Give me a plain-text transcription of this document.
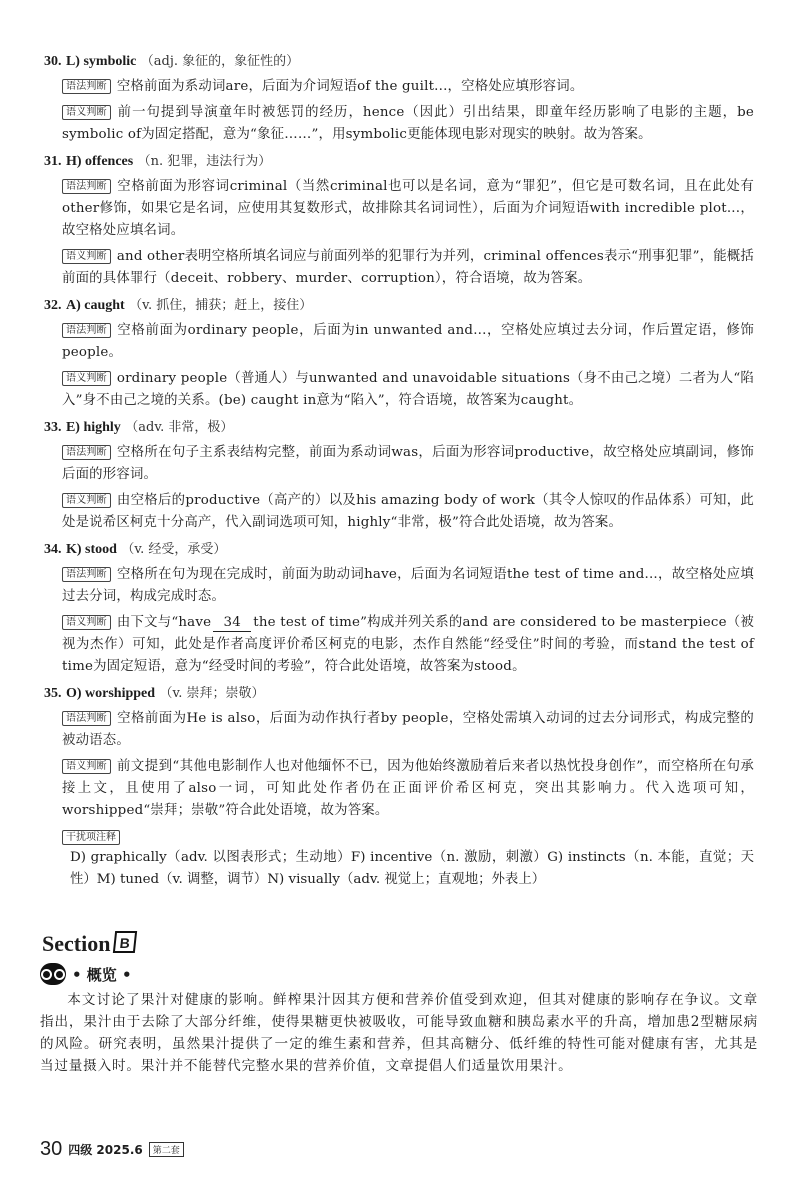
30. L) symbolic （adj. 象征的，象征性的）

语法判断 空格前面为系动词are，后面为介词短语of the guilt...，空格处应填形容词。

语义判断 前一句提到导演童年时被惩罚的经历，hence（因此）引出结果，即童年经历影响了电影的主题，be symbolic of为固定搭配，意为“象征……”，用symbolic更能体现电影对现实的映射。故为答案。

31. H) offences （n. 犯罪，违法行为）

语法判断 空格前面为形容词criminal（当然criminal也可以是名词，意为“罪犯”，但它是可数名词，且在此处有other修饰，如果它是名词，应使用其复数形式，故排除其名词词性），后面为介词短语with incredible plot...，故空格处应填名词。

语义判断 and other表明空格所填名词应与前面列举的犯罪行为并列，criminal offences表示“刑事犯罪”，能概括前面的具体罪行（deceit、robbery、murder、corruption），符合语境，故为答案。

32. A) caught （v. 抓住，捕获；赶上，接住）

语法判断 空格前面为ordinary people，后面为in unwanted and...，空格处应填过去分词，作后置定语，修饰people。

语义判断 ordinary people（普通人）与unwanted and unavoidable situations（身不由己之境）二者为人“陷入”身不由己之境的关系。(be) caught in意为“陷入”，符合语境，故答案为caught。

33. E) highly （adv. 非常，极）

语法判断 空格所在句子主系表结构完整，前面为系动词was，后面为形容词productive，故空格处应填副词，修饰后面的形容词。

语义判断 由空格后的productive（高产的）以及his amazing body of work（其令人惊叹的作品体系）可知，此处是说希区柯克十分高产，代入副词选项可知，highly“非常，极”符合此处语境，故为答案。

34. K) stood （v. 经受，承受）

语法判断 空格所在句为现在完成时，前面为助动词have，后面为名词短语the test of time and...，故空格处应填过去分词，构成完成时态。

语义判断 由下文与“have 34 the test of time”构成并列关系的and are considered to be masterpiece（被视为杰作）可知，此处是作者高度评价希区柯克的电影，杰作自然能“经受住”时间的考验，而stand the test of time为固定短语，意为“经受时间的考验”，符合此处语境，故答案为stood。

35. O) worshipped （v. 崇拜；崇敬）

语法判断 空格前面为He is also，后面为动作执行者by people，空格处需填入动词的过去分词形式，构成完整的被动语态。

语义判断 前文提到“其他电影制作人也对他缅怀不已，因为他始终激励着后来者以热忱投身创作”，而空格所在句承接上文，且使用了also一词，可知此处作者仍在正面评价希区柯克，突出其影响力。代入选项可知，worshipped“崇拜；崇敬”符合此处语境，故为答案。

干扰项注释

D) graphically（adv. 以图表形式；生动地）F) incentive（n. 激励，刺激）G) instincts（n. 本能，直觉；天性）M) tuned（v. 调整，调节）N) visually（adv. 视觉上；直观地；外表上）

Section B
• 概览 •

本文讨论了果汁对健康的影响。鲜榨果汁因其方便和营养价值受到欢迎，但其对健康的影响存在争议。文章指出，果汁由于去除了大部分纤维，使得果糖更快被吸收，可能导致血糖和胰岛素水平的升高，增加患2型糖尿病的风险。研究表明，虽然果汁提供了一定的维生素和营养，但其高糖分、低纤维的特性可能对健康有害，尤其是当过量摄入时。果汁并不能替代完整水果的营养价值，文章提倡人们适量饮用果汁。

30 四级 2025.6	第二套
